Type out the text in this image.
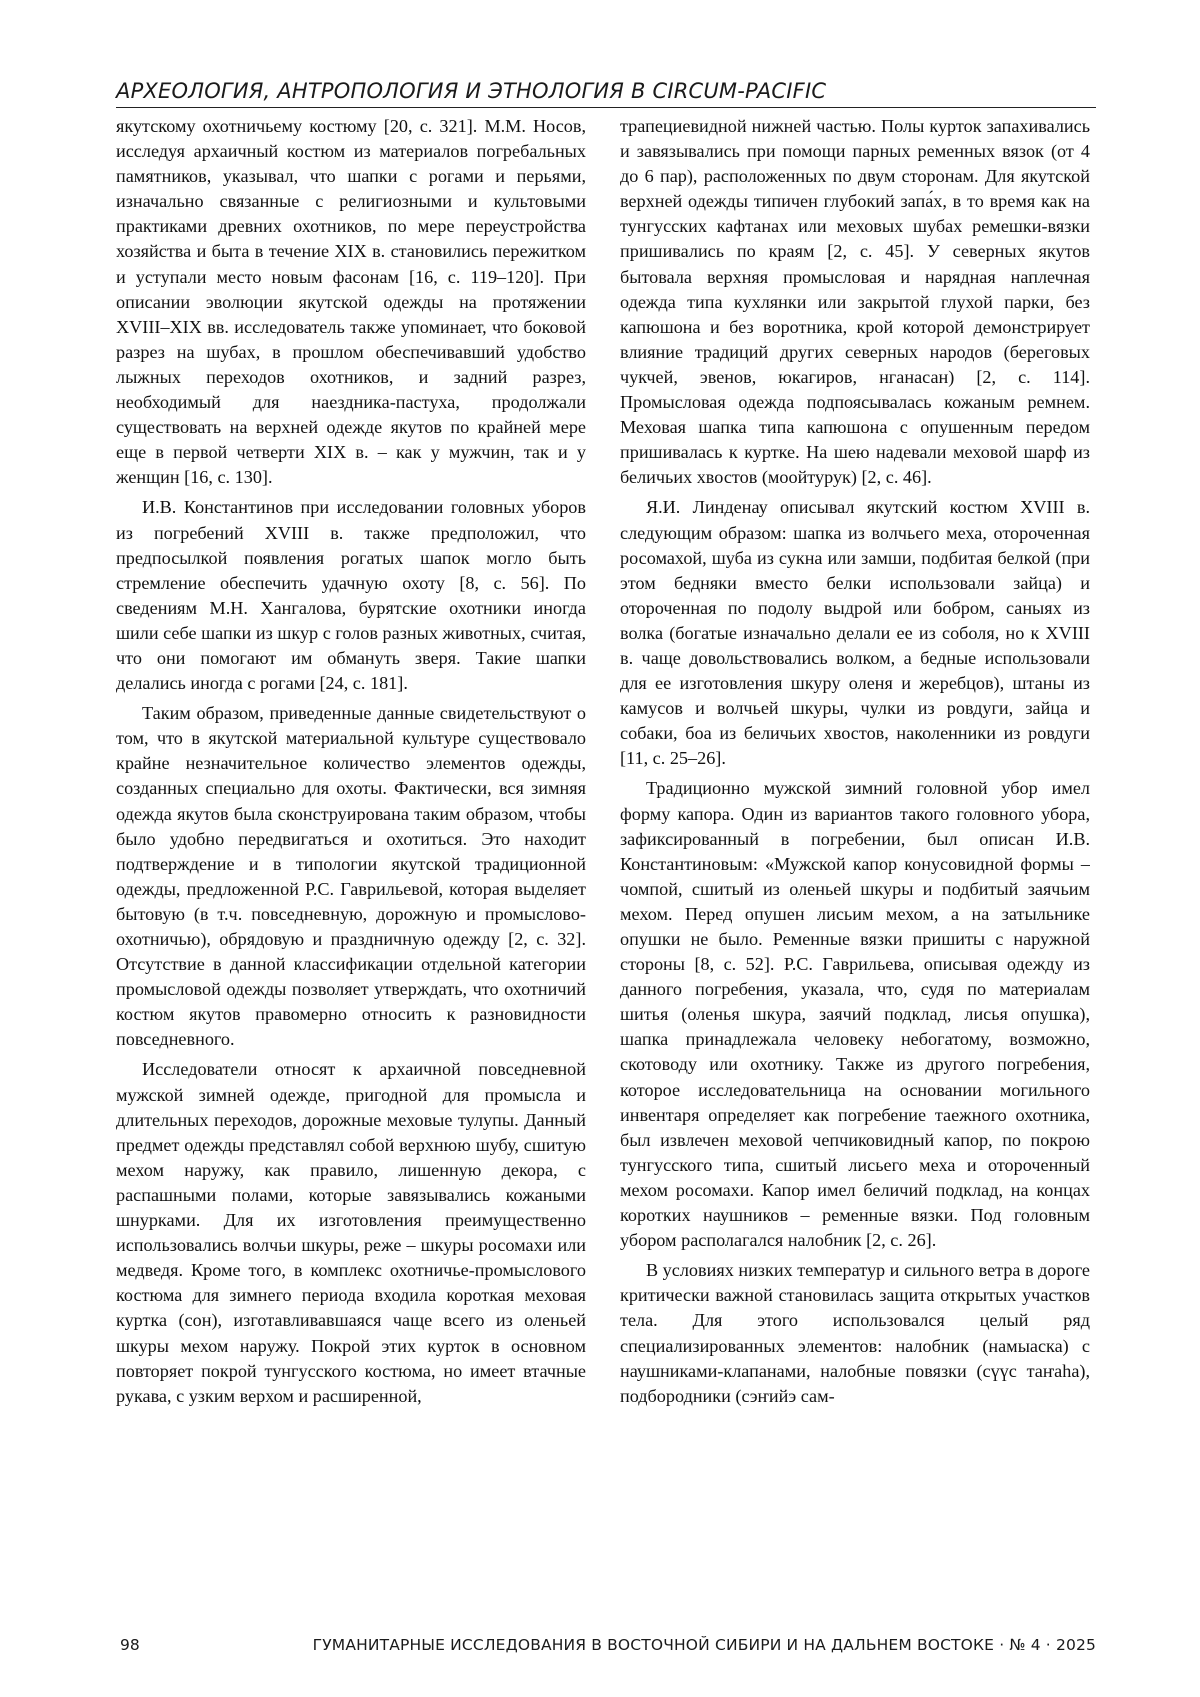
АРХЕОЛОГИЯ, АНТРОПОЛОГИЯ И ЭТНОЛОГИЯ В CIRCUM-PACIFIC

якутскому охотничьему костюму [20, с. 321]. М.М. Носов, исследуя архаичный костюм из материалов погребальных памятников, указывал, что шапки с рогами и перьями, изначально связанные с религиозными и культовыми практиками древних охотников, по мере переустройства хозяйства и быта в течение XIX в. становились пережитком и уступали место новым фасонам [16, с. 119–120]. При описании эволюции якутской одежды на протяжении XVIII–XIX вв. исследователь также упоминает, что боковой разрез на шубах, в прошлом обеспечивавший удобство лыжных переходов охотников, и задний разрез, необходимый для наездника-пастуха, продолжали существовать на верхней одежде якутов по крайней мере еще в первой четверти XIX в. – как у мужчин, так и у женщин [16, с. 130].

И.В. Константинов при исследовании головных уборов из погребений XVIII в. также предположил, что предпосылкой появления рогатых шапок могло быть стремление обеспечить удачную охоту [8, с. 56]. По сведениям М.Н. Хангалова, бурятские охотники иногда шили себе шапки из шкур с голов разных животных, считая, что они помогают им обмануть зверя. Такие шапки делались иногда с рогами [24, с. 181].

Таким образом, приведенные данные свидетельствуют о том, что в якутской материальной культуре существовало крайне незначительное количество элементов одежды, созданных специально для охоты. Фактически, вся зимняя одежда якутов была сконструирована таким образом, чтобы было удобно передвигаться и охотиться. Это находит подтверждение и в типологии якутской традиционной одежды, предложенной Р.С. Гаврильевой, которая выделяет бытовую (в т.ч. повседневную, дорожную и промыслово-охотничью), обрядовую и праздничную одежду [2, с. 32]. Отсутствие в данной классификации отдельной категории промысловой одежды позволяет утверждать, что охотничий костюм якутов правомерно относить к разновидности повседневного.

Исследователи относят к архаичной повседневной мужской зимней одежде, пригодной для промысла и длительных переходов, дорожные меховые тулупы. Данный предмет одежды представлял собой верхнюю шубу, сшитую мехом наружу, как правило, лишенную декора, с распашными полами, которые завязывались кожаными шнурками. Для их изготовления преимущественно использовались волчьи шкуры, реже – шкуры росомахи или медведя. Кроме того, в комплекс охотничье-промыслового костюма для зимнего периода входила короткая меховая куртка (сон), изготавливавшаяся чаще всего из оленьей шкуры мехом наружу. Покрой этих курток в основном повторяет покрой тунгусского костюма, но имеет втачные рукава, с узким верхом и расширенной,

трапециевидной нижней частью. Полы курток запахивались и завязывались при помощи парных ременных вязок (от 4 до 6 пар), расположенных по двум сторонам. Для якутской верхней одежды типичен глубокий запа́х, в то время как на тунгусских кафтанах или меховых шубах ремешки-вязки пришивались по краям [2, с. 45]. У северных якутов бытовала верхняя промысловая и нарядная наплечная одежда типа кухлянки или закрытой глухой парки, без капюшона и без воротника, крой которой демонстрирует влияние традиций других северных народов (береговых чукчей, эвенов, юкагиров, нганасан) [2, с. 114]. Промысловая одежда подпоясывалась кожаным ремнем. Меховая шапка типа капюшона с опушенным передом пришивалась к куртке. На шею надевали меховой шарф из беличьих хвостов (моойтурук) [2, с. 46].

Я.И. Линденау описывал якутский костюм XVIII в. следующим образом: шапка из волчьего меха, отороченная росомахой, шуба из сукна или замши, подбитая белкой (при этом бедняки вместо белки использовали зайца) и отороченная по подолу выдрой или бобром, саныях из волка (богатые изначально делали ее из соболя, но к XVIII в. чаще довольствовались волком, а бедные использовали для ее изготовления шкуру оленя и жеребцов), штаны из камусов и волчьей шкуры, чулки из ровдуги, зайца и собаки, боа из беличьих хвостов, наколенники из ровдуги [11, с. 25–26].

Традиционно мужской зимний головной убор имел форму капора. Один из вариантов такого головного убора, зафиксированный в погребении, был описан И.В. Константиновым: «Мужской капор конусовидной формы – чомпой, сшитый из оленьей шкуры и подбитый заячьим мехом. Перед опушен лисьим мехом, а на затыльнике опушки не было. Ременные вязки пришиты с наружной стороны [8, с. 52]. Р.С. Гаврильева, описывая одежду из данного погребения, указала, что, судя по материалам шитья (оленья шкура, заячий подклад, лисья опушка), шапка принадлежала человеку небогатому, возможно, скотоводу или охотнику. Также из другого погребения, которое исследовательница на основании могильного инвентаря определяет как погребение таежного охотника, был извлечен меховой чепчиковидный капор, по покрою тунгусского типа, сшитый лисьего меха и отороченный мехом росомахи. Капор имел беличий подклад, на концах коротких наушников – ременные вязки. Под головным убором располагался налобник [2, с. 26].

В условиях низких температур и сильного ветра в дороге критически важной становилась защита открытых участков тела. Для этого использовался целый ряд специализированных элементов: налобник (намыаска) с наушниками-клапанами, налобные повязки (сүүс таҥаһа), подбородники (сэҥийэ сам-

98	ГУМАНИТАРНЫЕ ИССЛЕДОВАНИЯ В ВОСТОЧНОЙ СИБИРИ И НА ДАЛЬНЕМ ВОСТОКЕ · № 4 · 2025
